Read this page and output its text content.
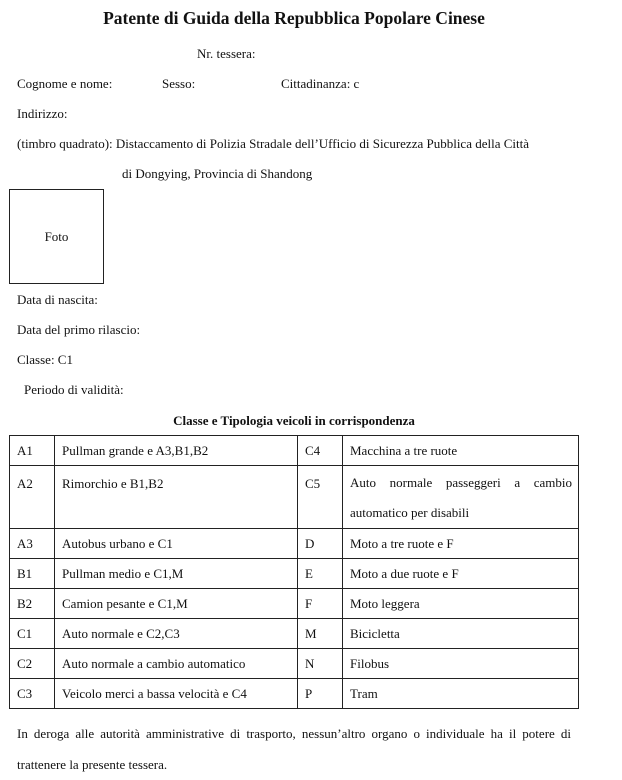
Patente di Guida della Repubblica Popolare Cinese
Nr. tessera:
Cognome e nome:	Sesso:	Cittadinanza: c
Indirizzo:
(timbro quadrato): Distaccamento di Polizia Stradale dell’Ufficio di Sicurezza Pubblica della Città
di Dongying, Provincia di Shandong
Foto
Data di nascita:
Data del primo rilascio:
Classe: C1
Periodo di validità:
Classe e Tipologia veicoli in corrispondenza
A1	Pullman grande e A3,B1,B2	C4	Macchina a tre ruote
A2	Rimorchio e B1,B2	C5	Auto normale passeggeri a cambio automatico per disabili
A3	Autobus urbano e C1	D	Moto a tre ruote e F
B1	Pullman medio e C1,M	E	Moto a due ruote e F
B2	Camion pesante e C1,M	F	Moto leggera
C1	Auto normale e C2,C3	M	Bicicletta
C2	Auto normale a cambio automatico	N	Filobus
C3	Veicolo merci a bassa velocità e C4	P	Tram
In deroga alle autorità amministrative di trasporto, nessun’altro organo o individuale ha il potere di trattenere la presente tessera.
